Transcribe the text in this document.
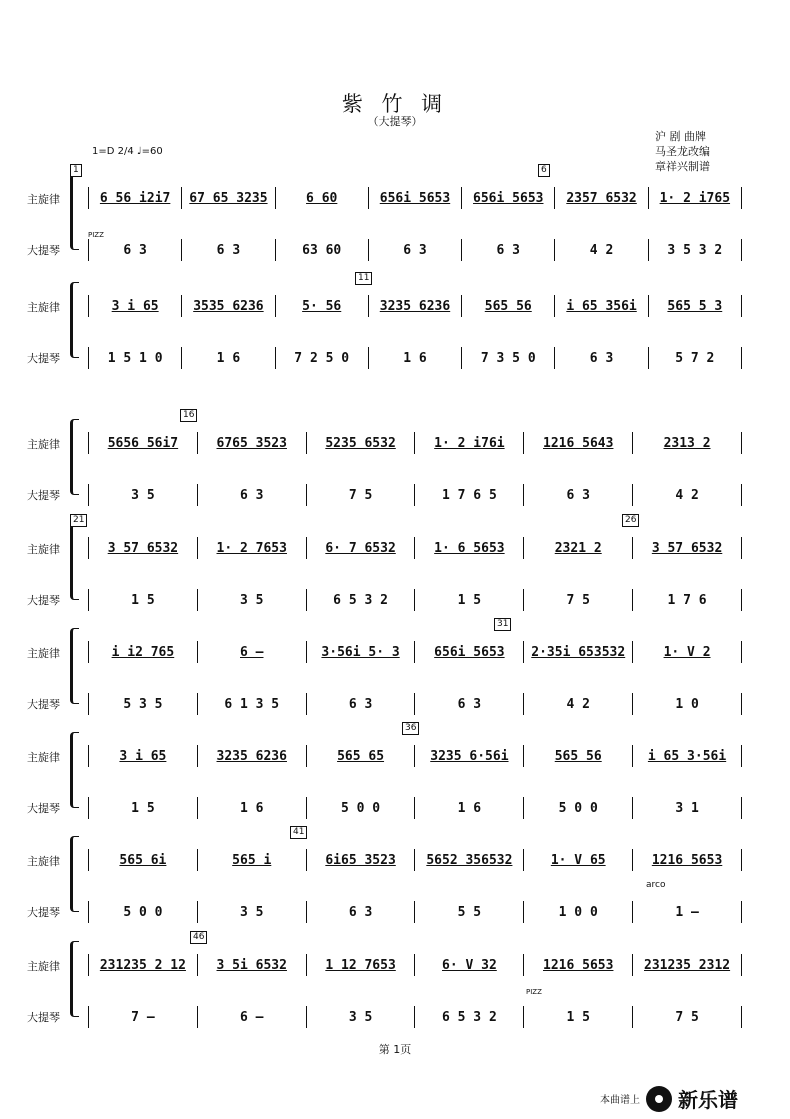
紫 竹 调
（大提琴）
沪 剧 曲牌
马圣龙改编
章祥兴制谱
1=D 2/4 ♩=60
主旋律
大提琴
1	6
6 56 i2i7	67 65 3235	6 60	656i 5653	656i 5653	2357 6532	1· 2 i765
6 3	6 3	63 60	6 3	6 3	4 2	3 5 3 2
PIZZ
主旋律
大提琴
11
3 i 65	3535 6236	5· 56	3235 6236	565 56	i 65 356i	565 5 3
1 5 1 0	1 6	7 2 5 0	1 6	7 3 5 0	6 3	5 7 2
主旋律
大提琴
16
5656 56i7	6765 3523	5235 6532	1· 2 i76i	1216 5643	2313 2
3 5	6 3	7 5	1 7 6 5	6 3	4 2
主旋律
大提琴
21	26
3 57 6532	1· 2 7653	6· 7 6532	1· 6 5653	2321 2	3 57 6532
1 5	3 5	6 5 3 2	1 5	7 5	1 7 6
主旋律
大提琴
31
i i2 765	6 –	3·56i 5· 3	656i 5653	2·35i 653532	1· V 2
5 3 5	6 1 3 5	6 3	6 3	4 2	1 0
主旋律
大提琴
36
3 i 65	3235 6236	565 65	3235 6·56i	565 56	i 65 3·56i
1 5	1 6	5 0 0	1 6	5 0 0	3 1
主旋律
大提琴
41
565 6i	565 i	6i65 3523	5652 356532	1· V 65	1216 5653
5 0 0	3 5	6 3	5 5	1 0 0	1 –
arco
主旋律
大提琴
46
231235 2 12	3 5i 6532	1 12 7653	6· V 32	1216 5653	231235 2312
7 –	6 –	3 5	6 5 3 2	1 5	7 5
PIZZ
第 1页
本曲谱上 新乐谱
